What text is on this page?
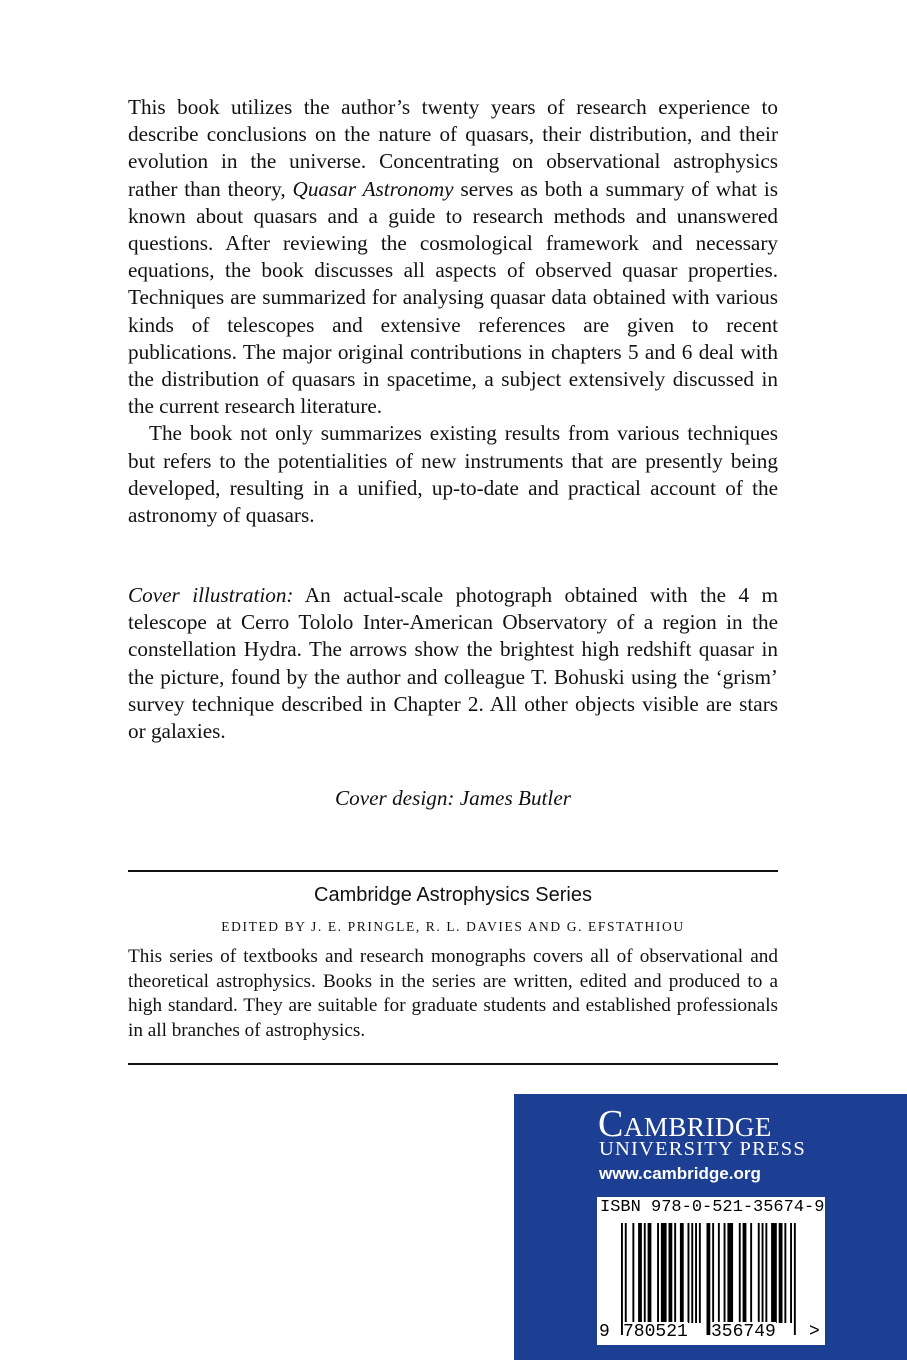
This book utilizes the author’s twenty years of research experience to describe conclusions on the nature of quasars, their distribution, and their evolution in the universe. Concentrating on observational astrophysics rather than theory, Quasar Astronomy serves as both a summary of what is known about quasars and a guide to research methods and unanswered questions. After reviewing the cosmological framework and necessary equations, the book discusses all aspects of observed quasar properties. Techniques are summarized for analysing quasar data obtained with various kinds of telescopes and extensive references are given to recent publications. The major original contributions in chapters 5 and 6 deal with the distribution of quasars in spacetime, a subject extensively discussed in the current research literature.

The book not only summarizes existing results from various techniques but refers to the potentialities of new instruments that are presently being developed, resulting in a unified, up-to-date and practical account of the astronomy of quasars.

Cover illustration: An actual-scale photograph obtained with the 4 m telescope at Cerro Tololo Inter-American Observatory of a region in the constellation Hydra. The arrows show the brightest high redshift quasar in the picture, found by the author and colleague T. Bohuski using the ‘grism’ survey technique described in Chapter 2. All other objects visible are stars or galaxies.

Cover design: James Butler
Cambridge Astrophysics Series
EDITED BY J. E. PRINGLE, R. L. DAVIES AND G. EFSTATHIOU

This series of textbooks and research monographs covers all of observational and theoretical astrophysics. Books in the series are written, edited and produced to a high standard. They are suitable for graduate students and established professionals in all branches of astrophysics.

Cambridge
UNIVERSITY PRESS
www.cambridge.org
ISBN 978-0-521-35674-9
9 780521 356749 >
